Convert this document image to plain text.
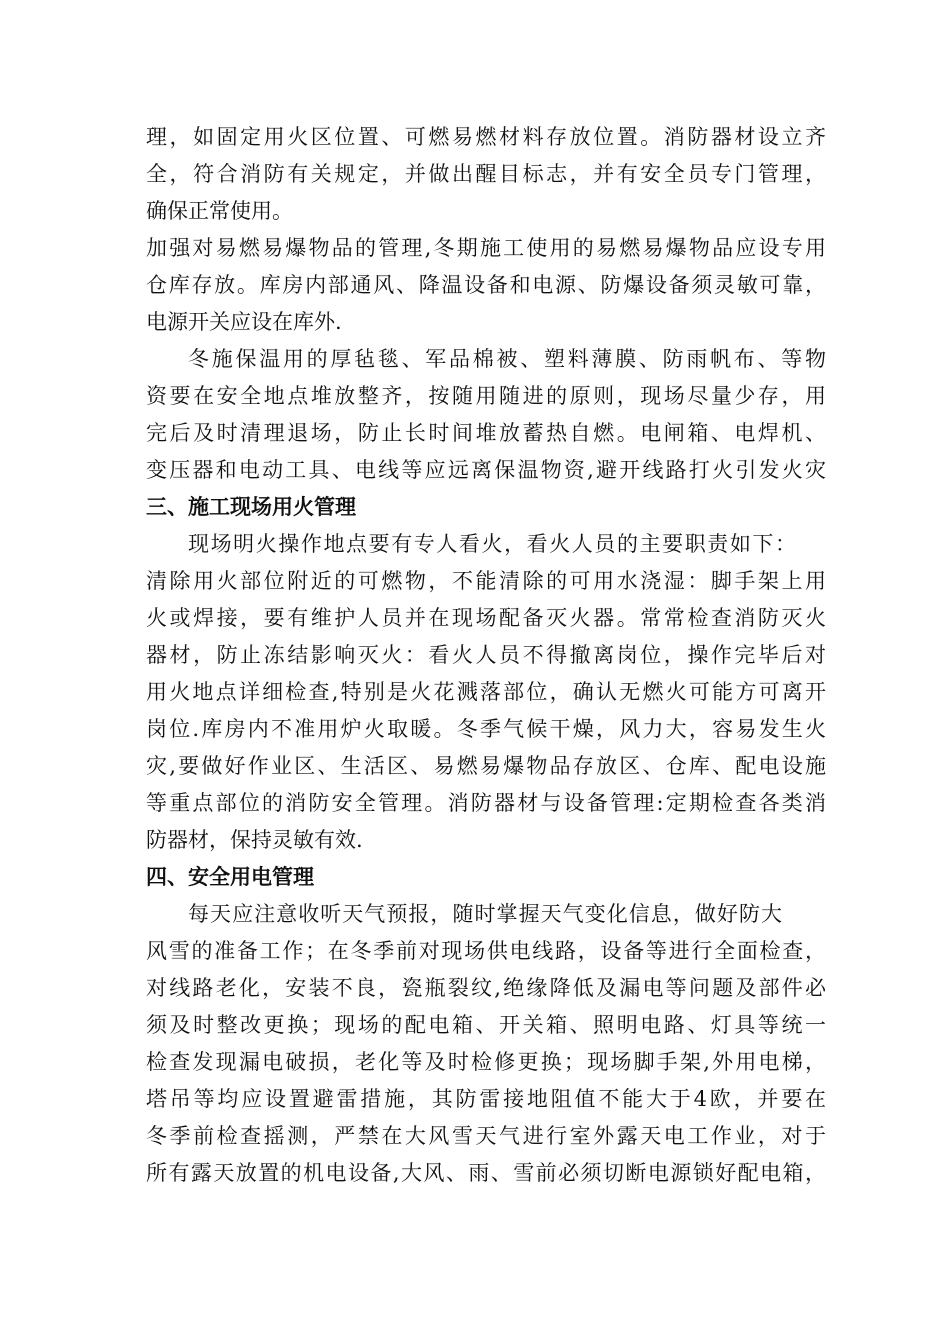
理，如固定用火区位置、可燃易燃材料存放位置。消防器材设立齐
全，符合消防有关规定，并做出醒目标志，并有安全员专门管理，
确保正常使用。
加强对易燃易爆物品的管理,冬期施工使用的易燃易爆物品应设专用
仓库存放。库房内部通风、降温设备和电源、防爆设备须灵敏可靠，
电源开关应设在库外.
冬施保温用的厚毡毯、军品棉被、塑料薄膜、防雨帆布、等物
资要在安全地点堆放整齐，按随用随进的原则，现场尽量少存，用
完后及时清理退场，防止长时间堆放蓄热自燃。电闸箱、电焊机、
变压器和电动工具、电线等应远离保温物资,避开线路打火引发火灾
三、施工现场用火管理
现场明火操作地点要有专人看火，看火人员的主要职责如下：
清除用火部位附近的可燃物，不能清除的可用水浇湿：脚手架上用
火或焊接，要有维护人员并在现场配备灭火器。常常检查消防灭火
器材，防止冻结影响灭火：看火人员不得撤离岗位，操作完毕后对
用火地点详细检查,特别是火花溅落部位，确认无燃火可能方可离开
岗位.库房内不准用炉火取暖。冬季气候干燥，风力大，容易发生火
灾,要做好作业区、生活区、易燃易爆物品存放区、仓库、配电设施
等重点部位的消防安全管理。消防器材与设备管理:定期检查各类消
防器材，保持灵敏有效.
四、安全用电管理
每天应注意收听天气预报，随时掌握天气变化信息，做好防大
风雪的准备工作；在冬季前对现场供电线路，设备等进行全面检查，
对线路老化，安装不良，瓷瓶裂纹,绝缘降低及漏电等问题及部件必
须及时整改更换；现场的配电箱、开关箱、照明电路、灯具等统一
检查发现漏电破损，老化等及时检修更换；现场脚手架,外用电梯，
塔吊等均应设置避雷措施，其防雷接地阻值不能大于4欧，并要在
冬季前检查摇测，严禁在大风雪天气进行室外露天电工作业，对于
所有露天放置的机电设备,大风、雨、雪前必须切断电源锁好配电箱，
